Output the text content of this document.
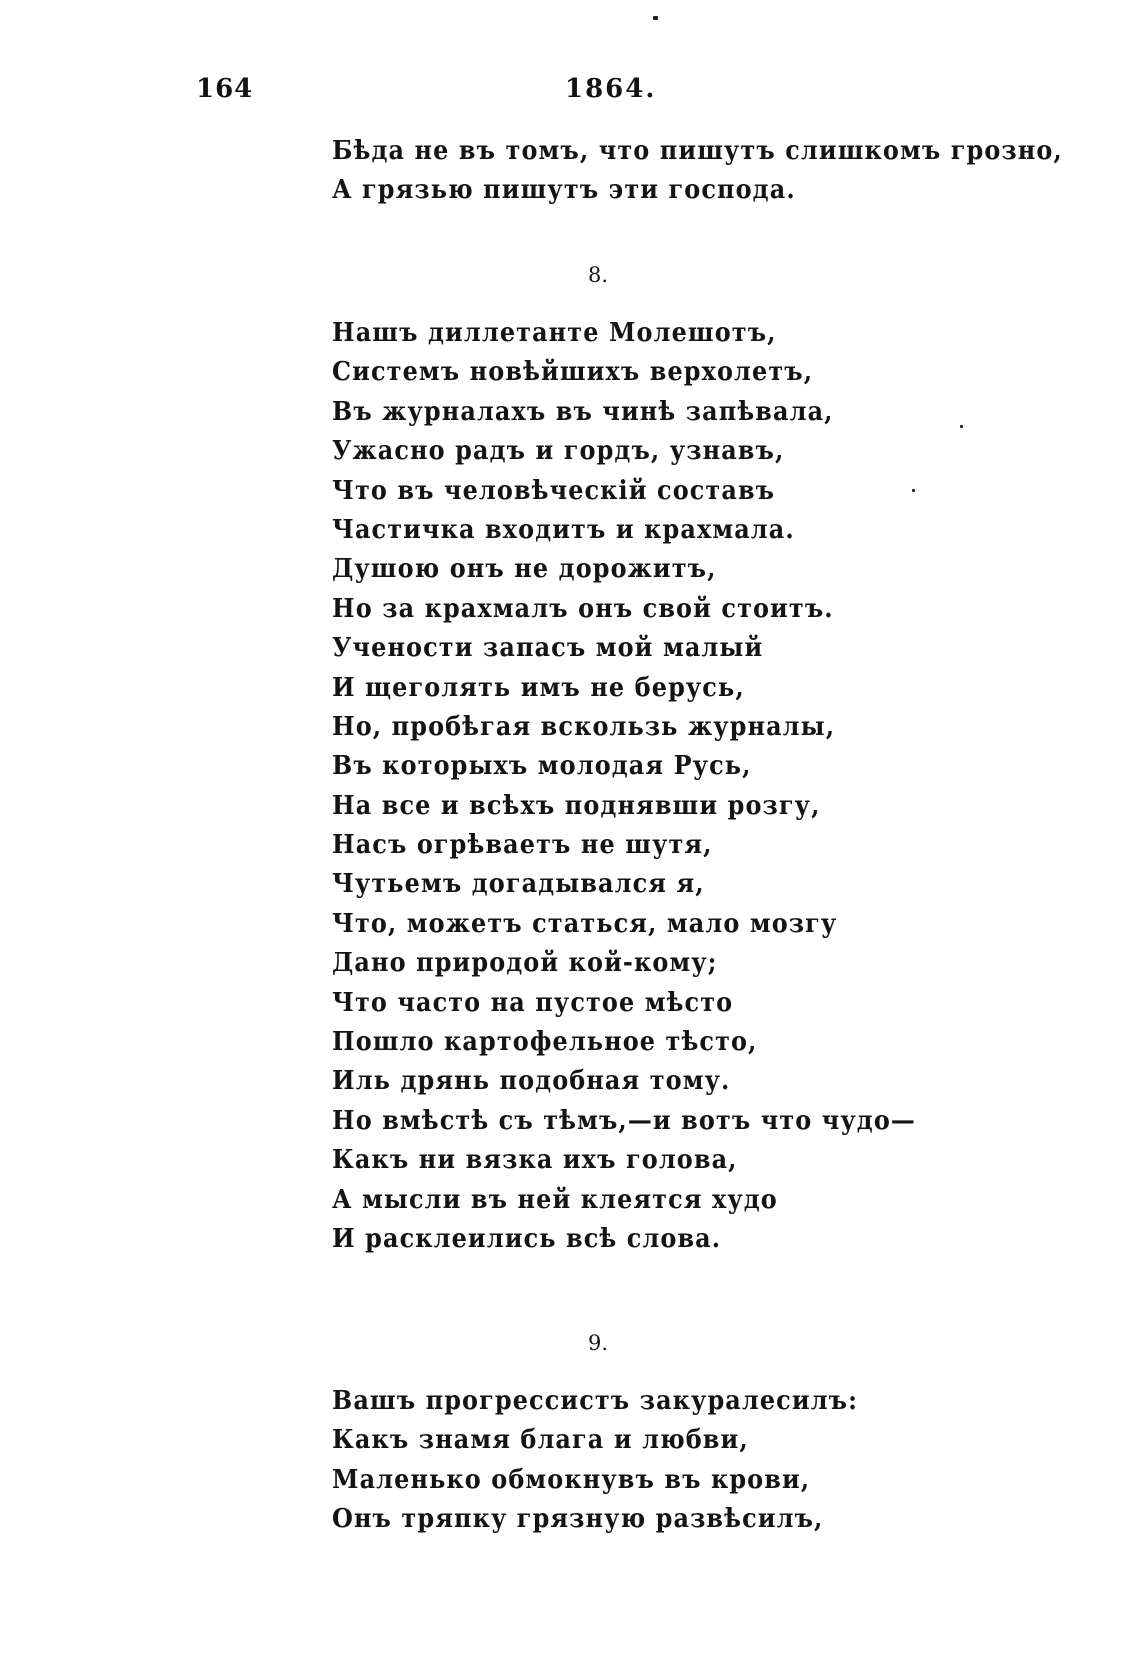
164	1864.
Бѣда не въ томъ, что пишутъ слишкомъ грозно,
А грязью пишутъ эти господа.
8.
Нашъ диллетанте Молешотъ,
Системъ новѣйшихъ верхолетъ,
Въ журналахъ въ чинѣ запѣвала,
Ужасно радъ и гордъ, узнавъ,
Что въ человѣческій составъ
Частичка входитъ и крахмала.
Душою онъ не дорожитъ,
Но за крахмалъ онъ свой стоитъ.
Учености запасъ мой малый
И щеголять имъ не берусь,
Но, пробѣгая вскользь журналы,
Въ которыхъ молодая Русь,
На все и всѣхъ поднявши розгу,
Насъ огрѣваетъ не шутя,
Чутьемъ догадывался я,
Что, можетъ статься, мало мозгу
Дано природой кой-кому;
Что часто на пустое мѣсто
Пошло картофельное тѣсто,
Иль дрянь подобная тому.
Но вмѣстѣ съ тѣмъ,—и вотъ что чудо—
Какъ ни вязка ихъ голова,
А мысли въ ней клеятся худо
И расклеились всѣ слова.
9.
Вашъ прогрессистъ закуралесилъ:
Какъ знамя блага и любви,
Маленько обмокнувъ въ крови,
Онъ тряпку грязную развѣсилъ,
